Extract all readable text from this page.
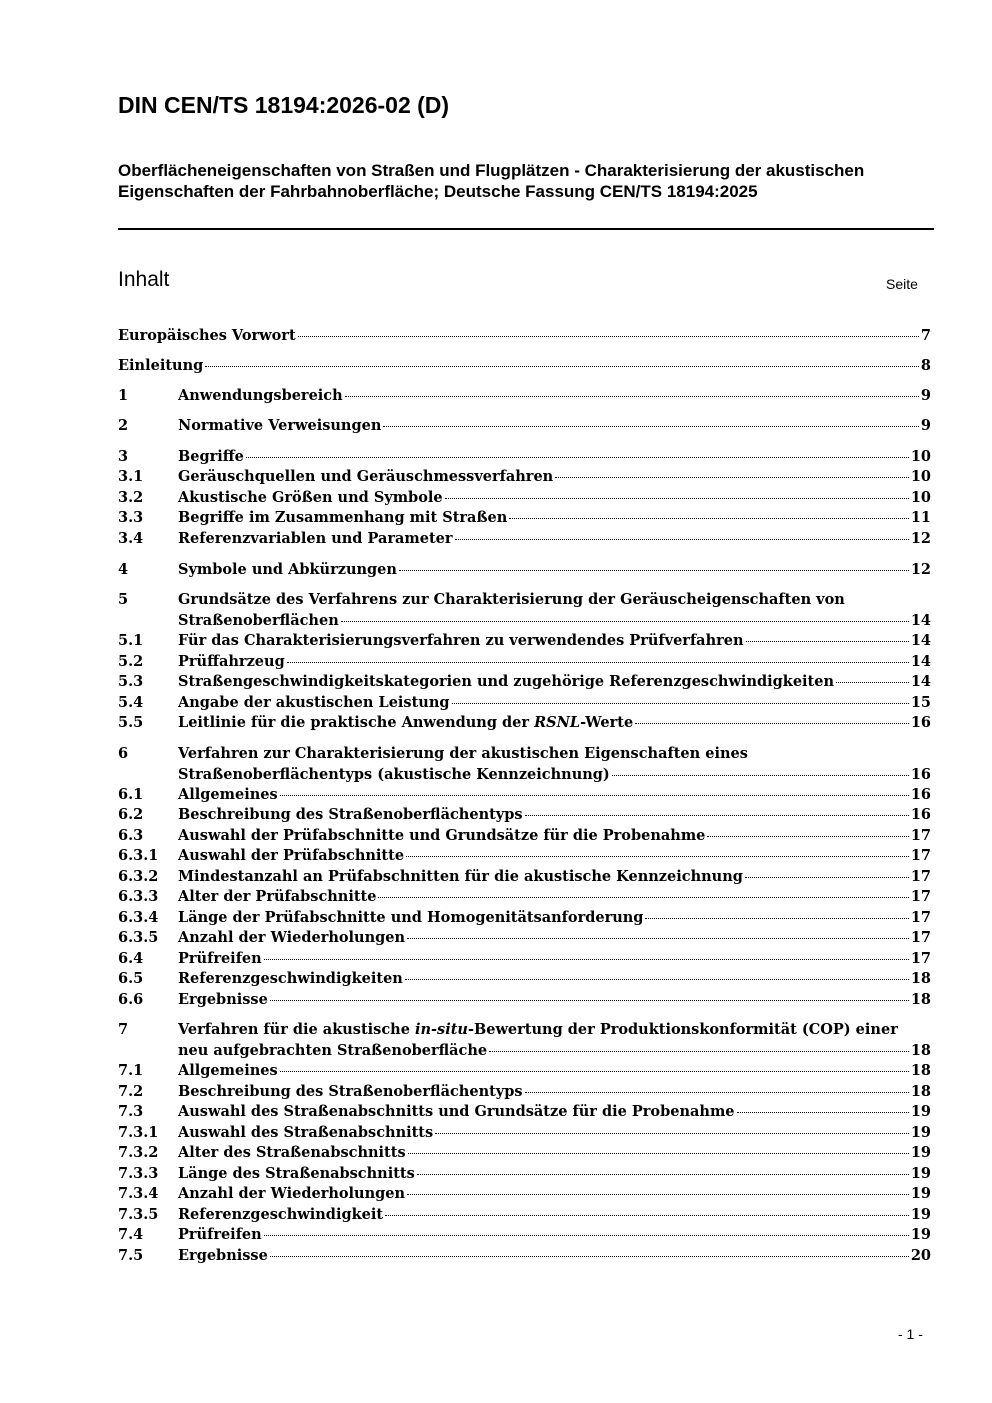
DIN CEN/TS 18194:2026-02 (D)
Oberflächeneigenschaften von Straßen und Flugplätzen - Charakterisierung der akustischen Eigenschaften der Fahrbahnoberfläche; Deutsche Fassung CEN/TS 18194:2025
Inhalt	Seite
Europäisches Vorwort	7
Einleitung	8
1	Anwendungsbereich	9
2	Normative Verweisungen	9
3	Begriffe	10
3.1	Geräuschquellen und Geräuschmessverfahren	10
3.2	Akustische Größen und Symbole	10
3.3	Begriffe im Zusammenhang mit Straßen	11
3.4	Referenzvariablen und Parameter	12
4	Symbole und Abkürzungen	12
5	Grundsätze des Verfahrens zur Charakterisierung der Geräuscheigenschaften von
Straßenoberflächen	14
5.1	Für das Charakterisierungsverfahren zu verwendendes Prüfverfahren	14
5.2	Prüffahrzeug	14
5.3	Straßengeschwindigkeitskategorien und zugehörige Referenzgeschwindigkeiten	14
5.4	Angabe der akustischen Leistung	15
5.5	Leitlinie für die praktische Anwendung der RSNL-Werte	16
6	Verfahren zur Charakterisierung der akustischen Eigenschaften eines
Straßenoberflächentyps (akustische Kennzeichnung)	16
6.1	Allgemeines	16
6.2	Beschreibung des Straßenoberflächentyps	16
6.3	Auswahl der Prüfabschnitte und Grundsätze für die Probenahme	17
6.3.1	Auswahl der Prüfabschnitte	17
6.3.2	Mindestanzahl an Prüfabschnitten für die akustische Kennzeichnung	17
6.3.3	Alter der Prüfabschnitte	17
6.3.4	Länge der Prüfabschnitte und Homogenitätsanforderung	17
6.3.5	Anzahl der Wiederholungen	17
6.4	Prüfreifen	17
6.5	Referenzgeschwindigkeiten	18
6.6	Ergebnisse	18
7	Verfahren für die akustische in-situ-Bewertung der Produktionskonformität (COP) einer
neu aufgebrachten Straßenoberfläche	18
7.1	Allgemeines	18
7.2	Beschreibung des Straßenoberflächentyps	18
7.3	Auswahl des Straßenabschnitts und Grundsätze für die Probenahme	19
7.3.1	Auswahl des Straßenabschnitts	19
7.3.2	Alter des Straßenabschnitts	19
7.3.3	Länge des Straßenabschnitts	19
7.3.4	Anzahl der Wiederholungen	19
7.3.5	Referenzgeschwindigkeit	19
7.4	Prüfreifen	19
7.5	Ergebnisse	20
- 1 -
